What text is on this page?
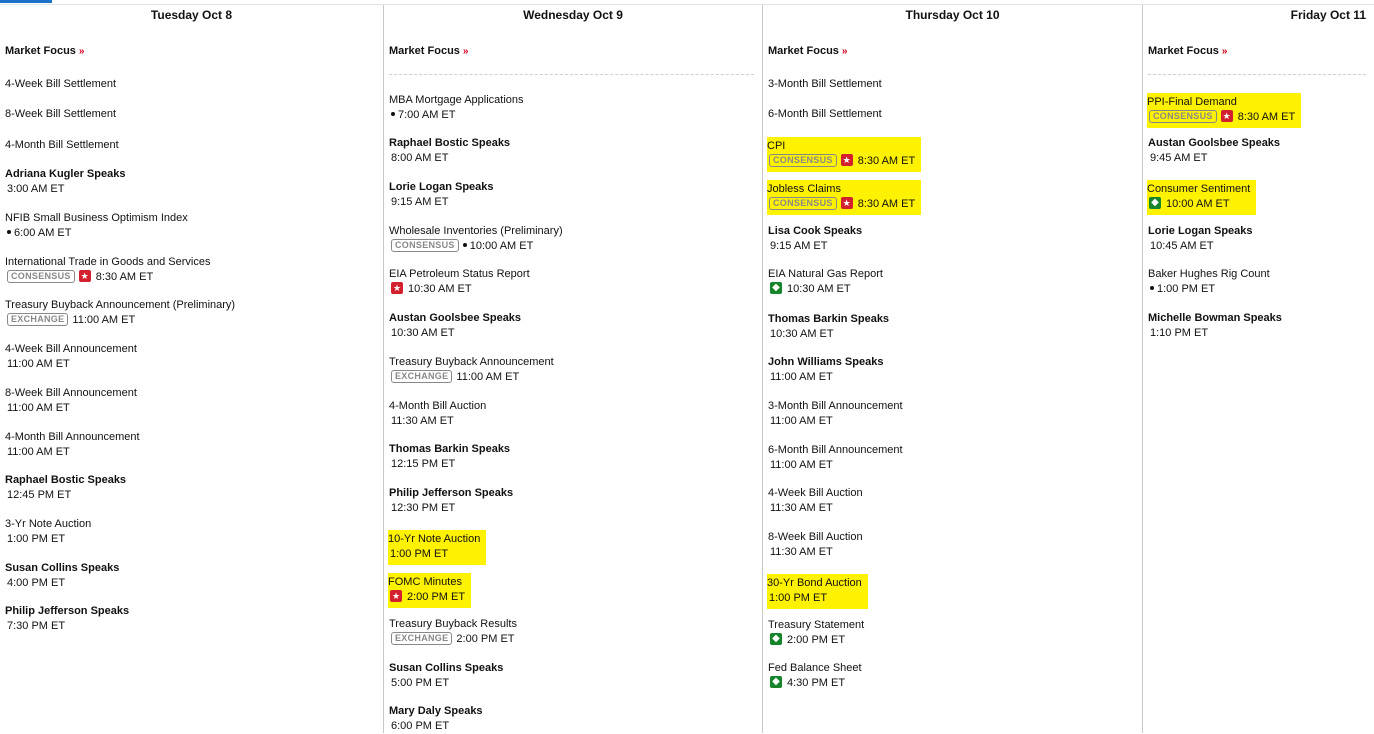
Tuesday Oct 8
Market Focus »
4-Week Bill Settlement
8-Week Bill Settlement
4-Month Bill Settlement
Adriana Kugler Speaks
3:00 AM ET
NFIB Small Business Optimism Index
6:00 AM ET
International Trade in Goods and Services
CONSENSUS ★ 8:30 AM ET
Treasury Buyback Announcement (Preliminary)
EXCHANGE 11:00 AM ET
4-Week Bill Announcement
11:00 AM ET
8-Week Bill Announcement
11:00 AM ET
4-Month Bill Announcement
11:00 AM ET
Raphael Bostic Speaks
12:45 PM ET
3-Yr Note Auction
1:00 PM ET
Susan Collins Speaks
4:00 PM ET
Philip Jefferson Speaks
7:30 PM ET
Wednesday Oct 9
Market Focus »
MBA Mortgage Applications
7:00 AM ET
Raphael Bostic Speaks
8:00 AM ET
Lorie Logan Speaks
9:15 AM ET
Wholesale Inventories (Preliminary)
CONSENSUS 10:00 AM ET
EIA Petroleum Status Report
★ 10:30 AM ET
Austan Goolsbee Speaks
10:30 AM ET
Treasury Buyback Announcement
EXCHANGE 11:00 AM ET
4-Month Bill Auction
11:30 AM ET
Thomas Barkin Speaks
12:15 PM ET
Philip Jefferson Speaks
12:30 PM ET
10-Yr Note Auction
1:00 PM ET
FOMC Minutes
★ 2:00 PM ET
Treasury Buyback Results
EXCHANGE 2:00 PM ET
Susan Collins Speaks
5:00 PM ET
Mary Daly Speaks
6:00 PM ET
Thursday Oct 10
Market Focus »
3-Month Bill Settlement
6-Month Bill Settlement
CPI
CONSENSUS ★ 8:30 AM ET
Jobless Claims
CONSENSUS ★ 8:30 AM ET
Lisa Cook Speaks
9:15 AM ET
EIA Natural Gas Report
◆ 10:30 AM ET
Thomas Barkin Speaks
10:30 AM ET
John Williams Speaks
11:00 AM ET
3-Month Bill Announcement
11:00 AM ET
6-Month Bill Announcement
11:00 AM ET
4-Week Bill Auction
11:30 AM ET
8-Week Bill Auction
11:30 AM ET
30-Yr Bond Auction
1:00 PM ET
Treasury Statement
◆ 2:00 PM ET
Fed Balance Sheet
◆ 4:30 PM ET
Friday Oct 11
Market Focus »
PPI-Final Demand
CONSENSUS ★ 8:30 AM ET
Austan Goolsbee Speaks
9:45 AM ET
Consumer Sentiment
◆ 10:00 AM ET
Lorie Logan Speaks
10:45 AM ET
Baker Hughes Rig Count
1:00 PM ET
Michelle Bowman Speaks
1:10 PM ET
